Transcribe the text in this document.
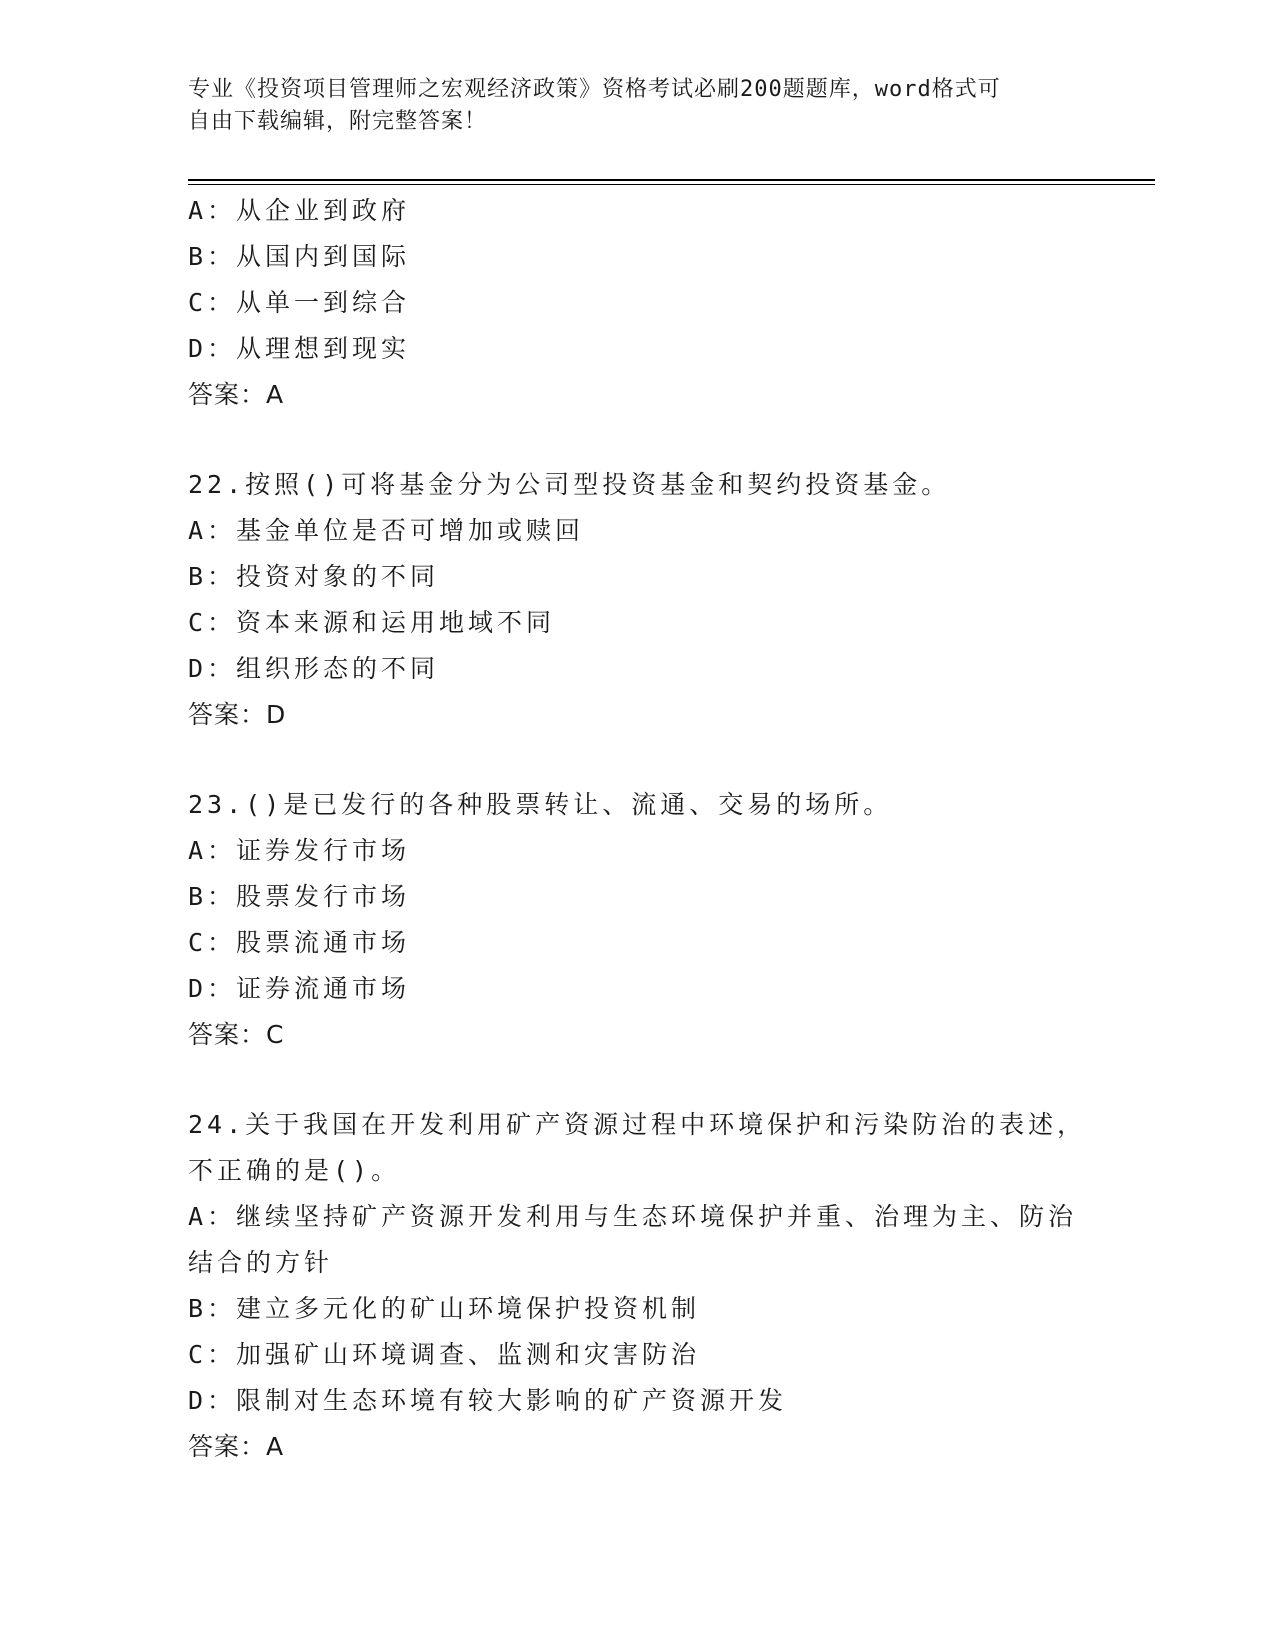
专业《投资项目管理师之宏观经济政策》资格考试必刷200题题库，word格式可
自由下载编辑，附完整答案！
A：从企业到政府
B：从国内到国际
C：从单一到综合
D：从理想到现实
答案：A
22.按照()可将基金分为公司型投资基金和契约投资基金。
A：基金单位是否可增加或赎回
B：投资对象的不同
C：资本来源和运用地域不同
D：组织形态的不同
答案：D
23.()是已发行的各种股票转让、流通、交易的场所。
A：证券发行市场
B：股票发行市场
C：股票流通市场
D：证券流通市场
答案：C
24.关于我国在开发利用矿产资源过程中环境保护和污染防治的表述，
不正确的是()。
A：继续坚持矿产资源开发利用与生态环境保护并重、治理为主、防治
结合的方针
B：建立多元化的矿山环境保护投资机制
C：加强矿山环境调查、监测和灾害防治
D：限制对生态环境有较大影响的矿产资源开发
答案：A
